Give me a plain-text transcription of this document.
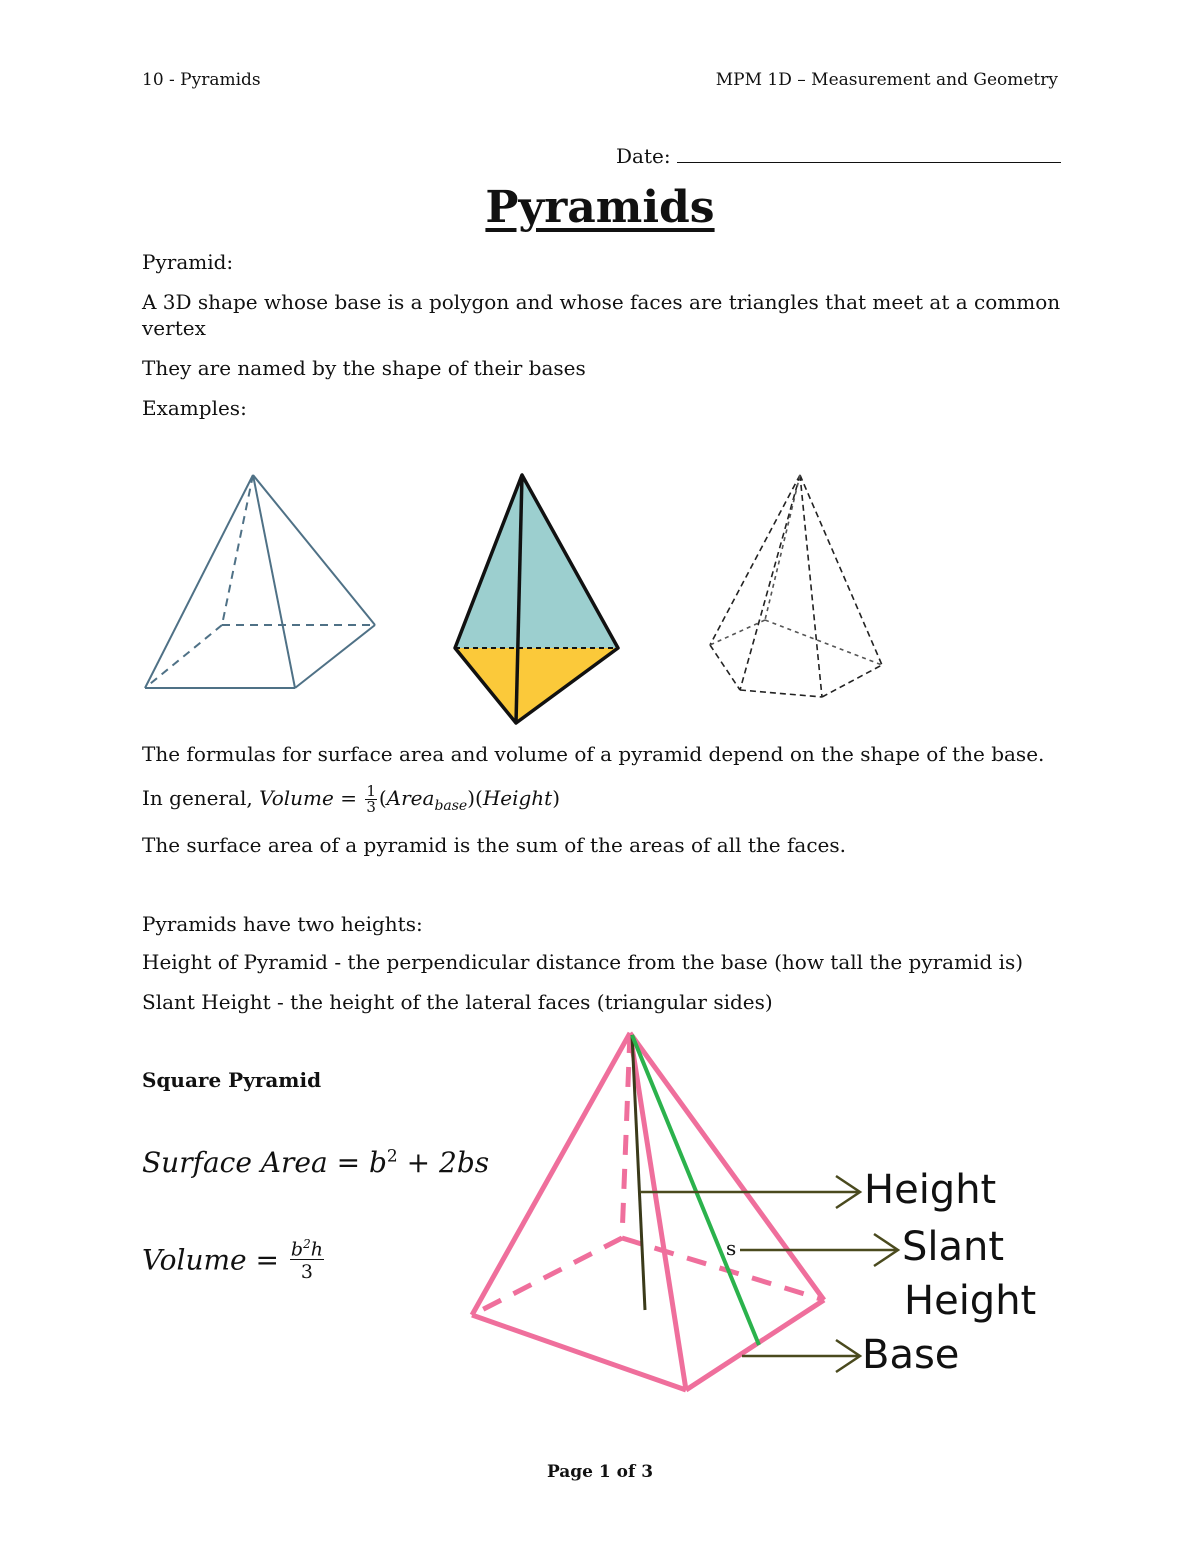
10 - Pyramids	MPM 1D – Measurement and Geometry
Date:
Pyramids
Pyramid:
A 3D shape whose base is a polygon and whose faces are triangles that meet at a common
vertex
They are named by the shape of their bases
Examples:
The formulas for surface area and volume of a pyramid depend on the shape of the base.
In general, Volume = $\frac{1}{3}$ (Area$_{base}$)(Height)
The surface area of a pyramid is the sum of the areas of all the faces.
Pyramids have two heights:
Height of Pyramid - the perpendicular distance from the base (how tall the pyramid is)
Slant Height - the height of the lateral faces (triangular sides)
Square Pyramid
Surface Area = $b^2 + 2bs$
Volume = $\frac{b^2h}{3}$	s
Height
Slant
Height
Base
Page 1 of 3
